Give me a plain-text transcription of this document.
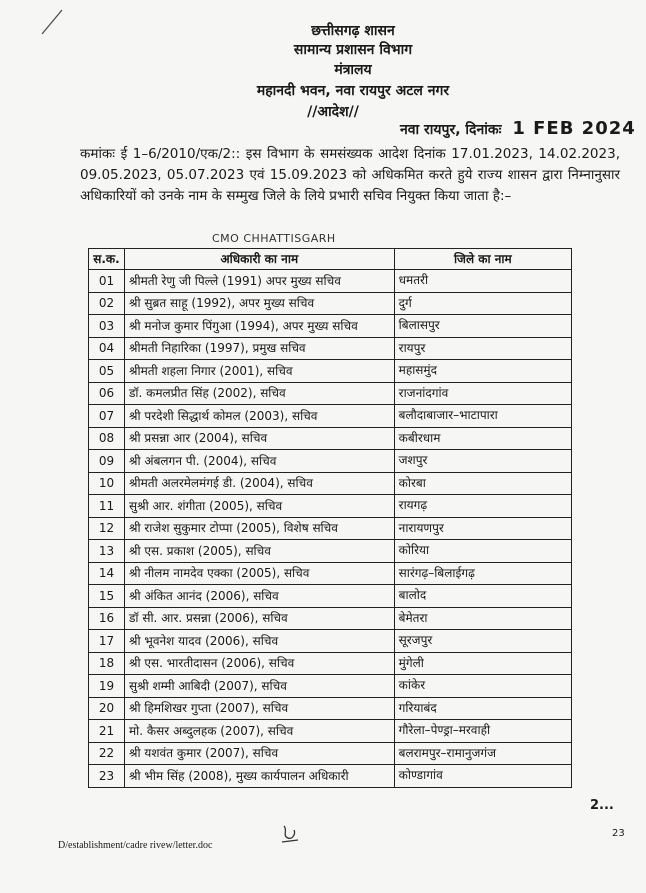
छत्तीसगढ़ शासन
सामान्य प्रशासन विभाग
मंत्रालय
महानदी भवन, नवा रायपुर अटल नगर
//आदेश//
नवा रायपुर, दिनांकः 1 FEB 2024

कमांकः ई 1–6/2010/एक/2:: इस विभाग के समसंख्यक आदेश दिनांक 17.01.2023, 14.02.2023, 09.05.2023, 05.07.2023 एवं 15.09.2023 को अधिकमित करते हुये राज्य शासन द्वारा निम्नानुसार अधिकारियों को उनके नाम के सम्मुख जिले के लिये प्रभारी सचिव नियुक्त किया जाता है:–

CMO CHHATTISGARH
स.क.	अधिकारी का नाम	जिले का नाम
01	श्रीमती रेणु जी पिल्ले (1991) अपर मुख्य सचिव	धमतरी
02	श्री सुब्रत साहू (1992), अपर मुख्य सचिव	दुर्ग
03	श्री मनोज कुमार पिंगुआ (1994), अपर मुख्य सचिव	बिलासपुर
04	श्रीमती निहारिका (1997), प्रमुख सचिव	रायपुर
05	श्रीमती शहला निगार (2001), सचिव	महासमुंद
06	डॉ. कमलप्रीत सिंह (2002), सचिव	राजनांदगांव
07	श्री परदेशी सिद्धार्थ कोमल (2003), सचिव	बलौदाबाजार–भाटापारा
08	श्री प्रसन्ना आर (2004), सचिव	कबीरधाम
09	श्री अंबलगन पी. (2004), सचिव	जशपुर
10	श्रीमती अलरमेलमंगई डी. (2004), सचिव	कोरबा
11	सुश्री आर. शंगीता (2005), सचिव	रायगढ़
12	श्री राजेश सुकुमार टोप्पा (2005), विशेष सचिव	नारायणपुर
13	श्री एस. प्रकाश (2005), सचिव	कोरिया
14	श्री नीलम नामदेव एक्का (2005), सचिव	सारंगढ़–बिलाईगढ़
15	श्री अंकित आनंद (2006), सचिव	बालोद
16	डॉ सी. आर. प्रसन्ना (2006), सचिव	बेमेतरा
17	श्री भूवनेश यादव (2006), सचिव	सूरजपुर
18	श्री एस. भारतीदासन (2006), सचिव	मुंगेली
19	सुश्री शम्मी आबिदी (2007), सचिव	कांकेर
20	श्री हिमशिखर गुप्ता (2007), सचिव	गरियाबंद
21	मो. कैसर अब्दुलहक (2007), सचिव	गौरेला–पेण्ड्रा–मरवाही
22	श्री यशवंत कुमार (2007), सचिव	बलरामपुर–रामानुजगंज
23	श्री भीम सिंह (2008), मुख्य कार्यपालन अधिकारी	कोण्डागांव
2...
23
D/establishment/cadre rivew/letter.doc
